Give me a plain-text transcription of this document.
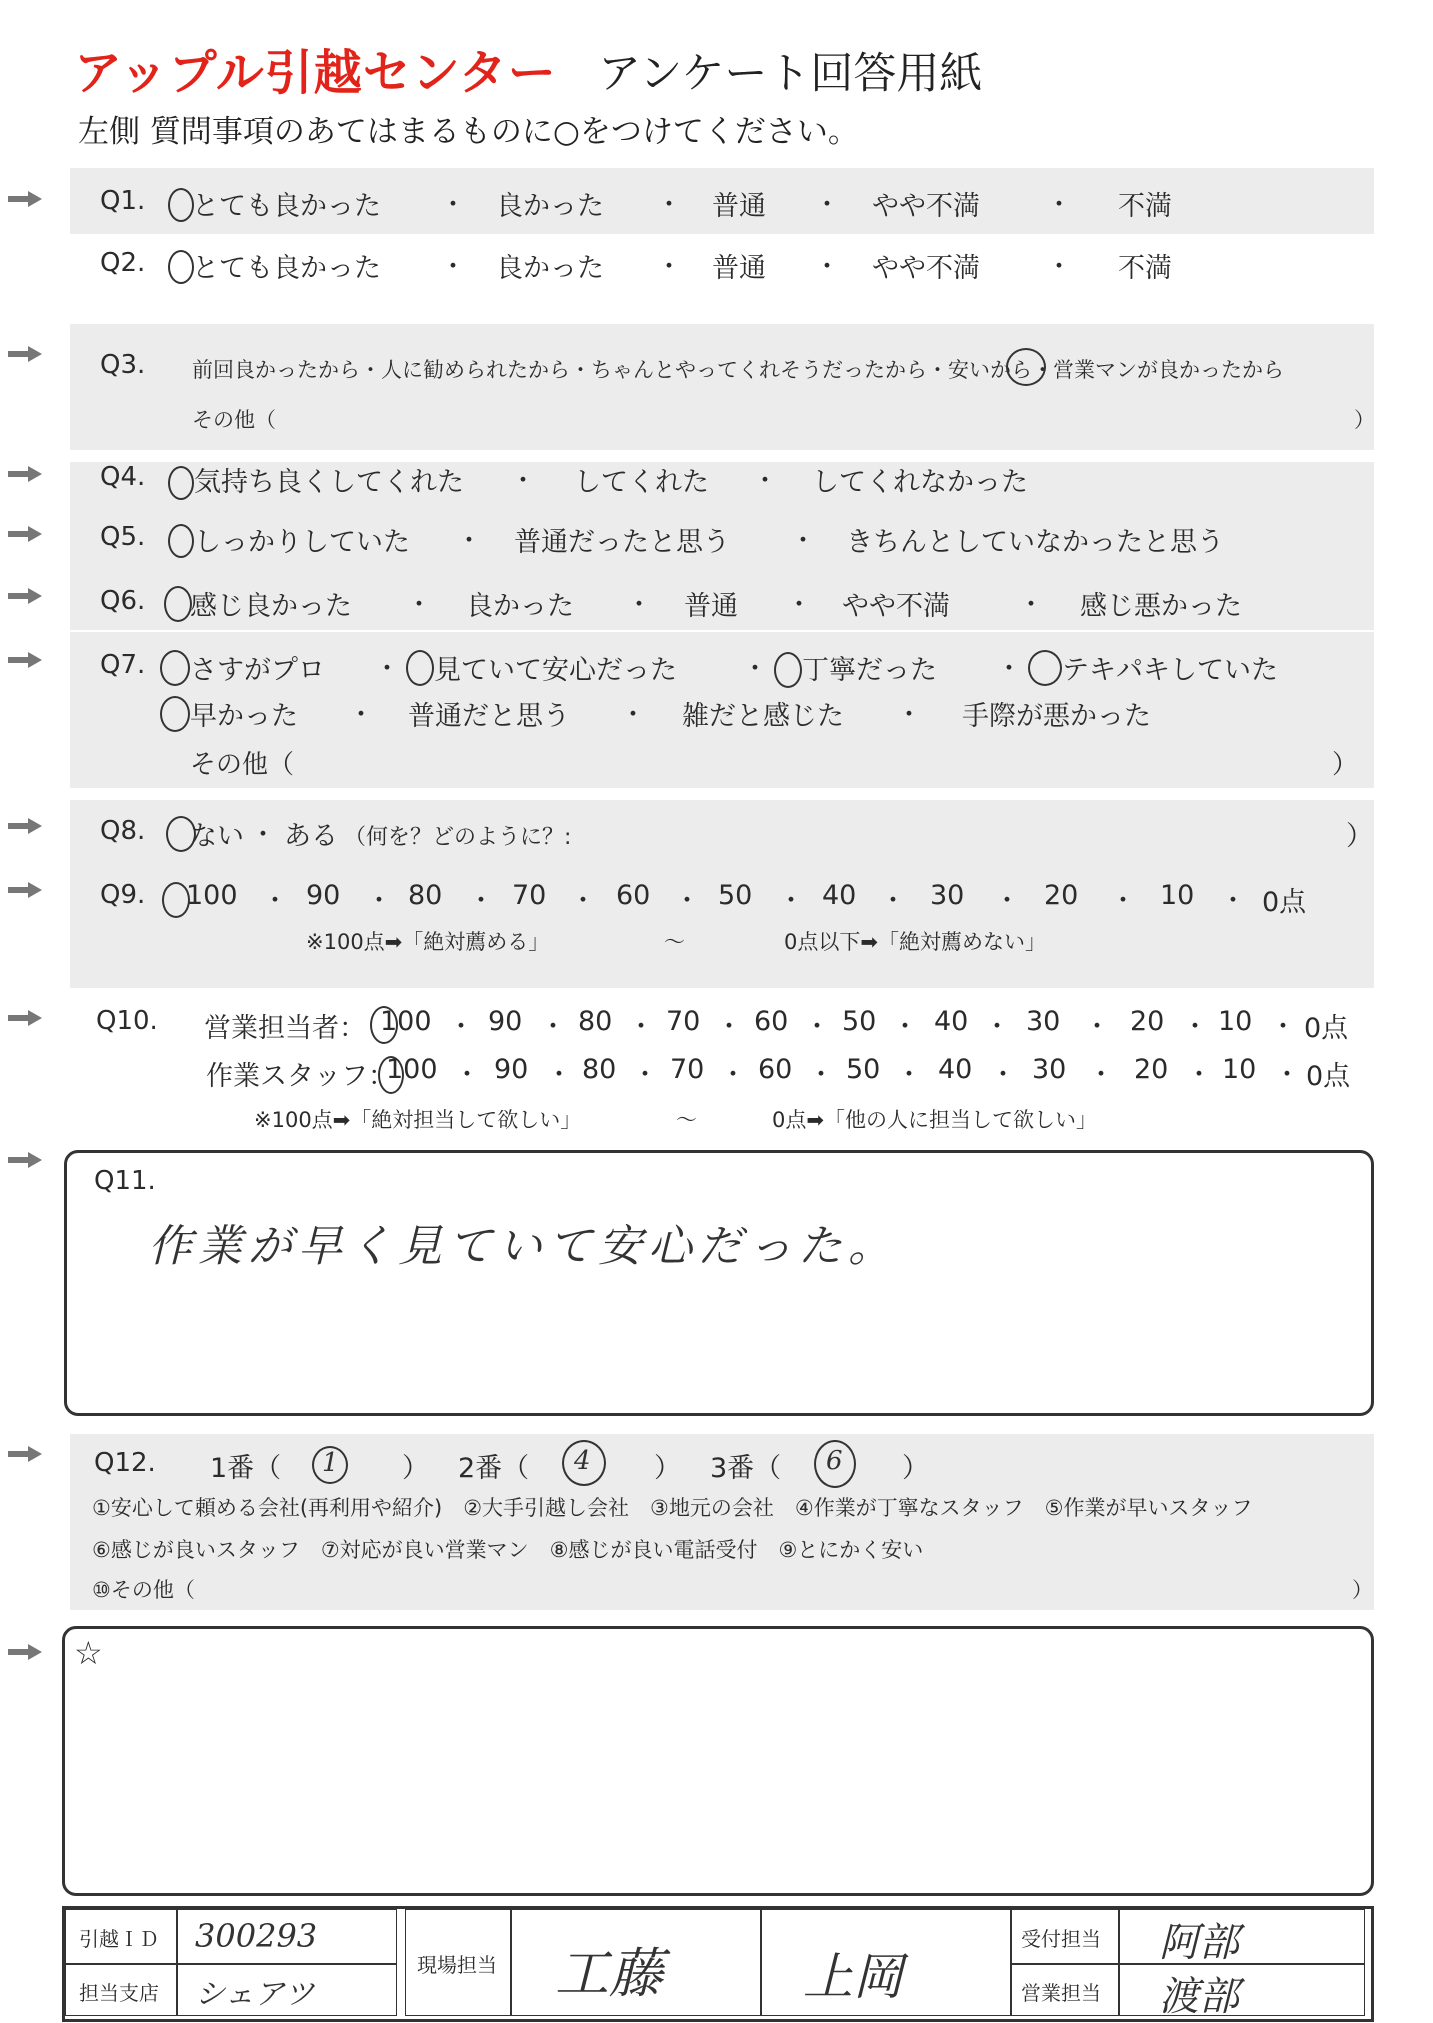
アップル引越センター アンケート回答用紙
左側 質問事項のあてはまるものに○をつけてください。
Q1. とても良かった ・ 良かった ・ 普通 ・ やや不満	・ 不満
Q2. とても良かった ・ 良かった ・ 普通 ・ やや不満	・ 不満
Q3. 前回良かったから・人に勧められたから・ちゃんとやってくれそうだったから・安いから・営業マンが良かったから
その他（	）
Q4. 気持ち良くしてくれた ・ してくれた ・ してくれなかった
Q5. しっかりしていた ・ 普通だったと思う ・ きちんとしていなかったと思う
Q6. 感じ良かった ・ 良かった ・ 普通 ・ やや不満	・ 感じ悪かった
Q7. さすがプロ ・ 見ていて安心だった	・ 丁寧だった ・ テキパキしていた
早かった ・ 普通だと思う ・ 雑だと感じた ・ 手際が悪かった
その他（	）
Q8. ない ・ ある （何を？どのように？:	）
Q9. 100 ・ 90 ・ 80 ・ 70 ・ 60 ・ 50 ・ 40 ・ 30 ・ 20 ・ 10 ・ 0点
※100点➡「絶対薦める」	～	0点以下➡「絶対薦めない」
Q10. 営業担当者： 100 ・ 90 ・ 80 ・ 70 ・ 60 ・ 50 ・ 40 ・ 30 ・ 20 ・ 10 ・ 0点
作業スタッフ：
100 ・ 90 ・ 80 ・ 70 ・ 60 ・ 50 ・ 40 ・ 30 ・ 20 ・ 10 ・ 0点
※100点➡「絶対担当して欲しい」	～	0点➡「他の人に担当して欲しい」
Q11.
作業が早く見ていて安心だった。
Q12. 1番（ 1 ） 2番（ 4 ） 3番（ 6 ）
①安心して頼める会社(再利用や紹介)　②大手引越し会社　③地元の会社　④作業が丁寧なスタッフ　⑤作業が早いスタッフ
⑥感じが良いスタッフ　⑦対応が良い営業マン　⑧感じが良い電話受付　⑨とにかく安い
⑩その他（	）
☆
引越ＩＤ 300293
担当支店 シェアツ
現場担当 工藤	上岡
受付担当 阿部
営業担当 渡部
